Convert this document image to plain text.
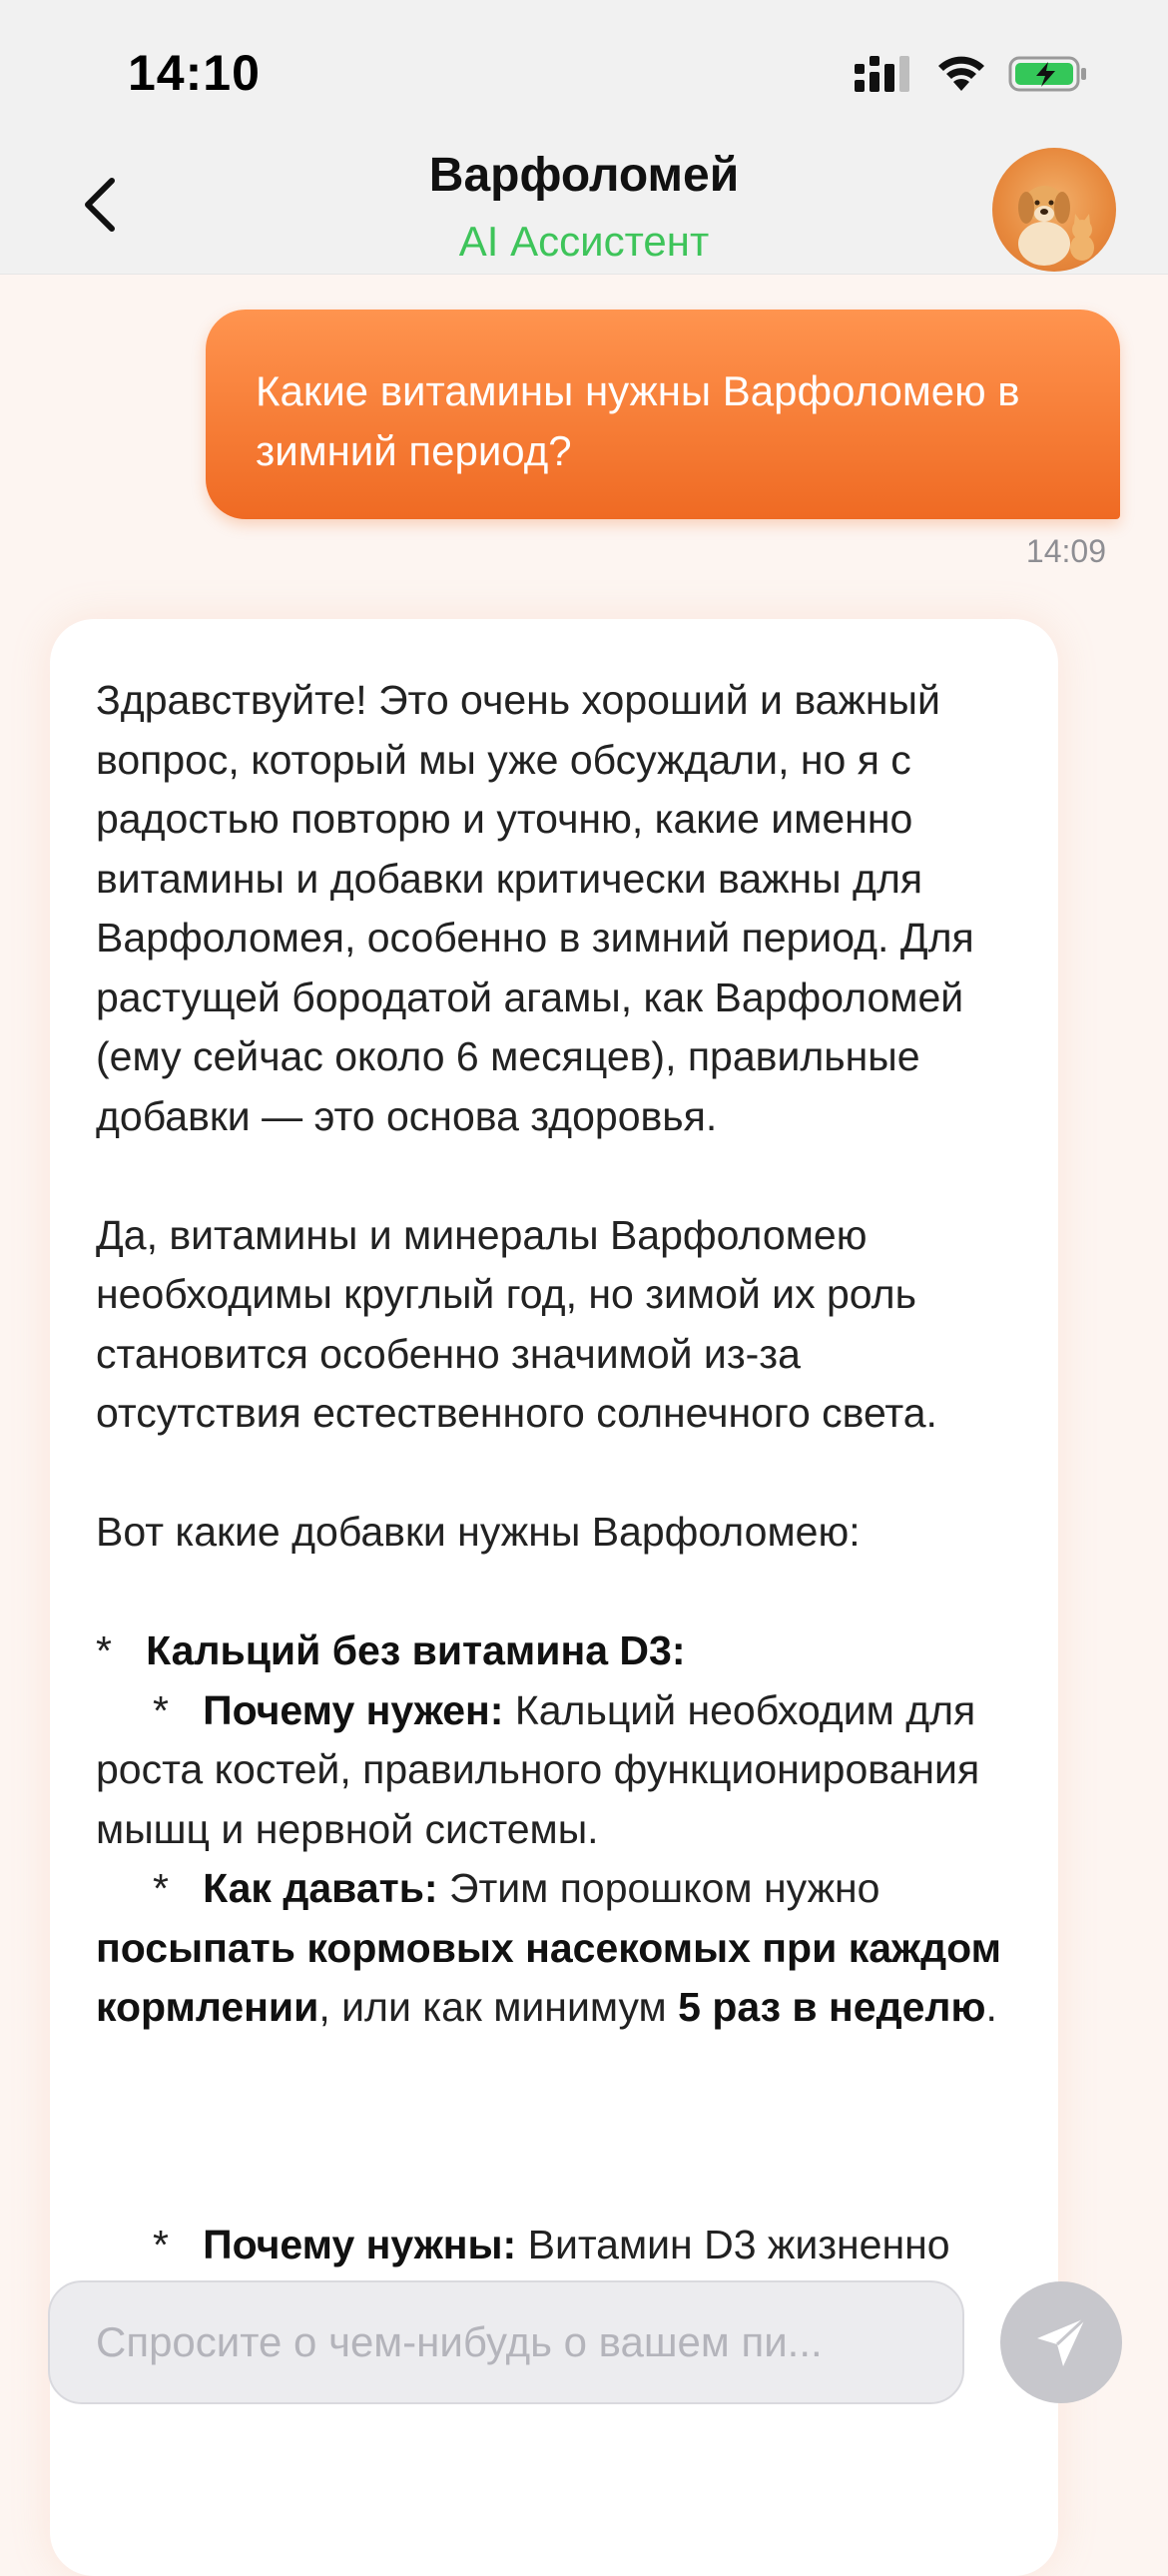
14:10
Варфоломей
AI Ассистент
Какие витамины нужны Варфоломею в зимний период?
14:09

Здравствуйте! Это очень хороший и важный вопрос, который мы уже обсуждали, но я с радостью повторю и уточню, какие именно витамины и добавки критически важны для Варфоломея, особенно в зимний период. Для растущей бородатой агамы, как Варфоломей (ему сейчас около 6 месяцев), правильные добавки — это основа здоровья.

Да, витамины и минералы Варфоломею необходимы круглый год, но зимой их роль становится особенно значимой из-за отсутствия естественного солнечного света.

Вот какие добавки нужны Варфоломею:

*   Кальций без витамина D3:

*   Почему нужен: Кальций необходим для роста костей, правильного функционирования мышц и нервной системы.

*   Как давать: Этим порошком нужно посыпать кормовых насекомых при каждом кормлении, или как минимум 5 раз в неделю.

*   Почему нужны: Витамин D3 жизненно

Спросите о чем-нибудь о вашем пи...
